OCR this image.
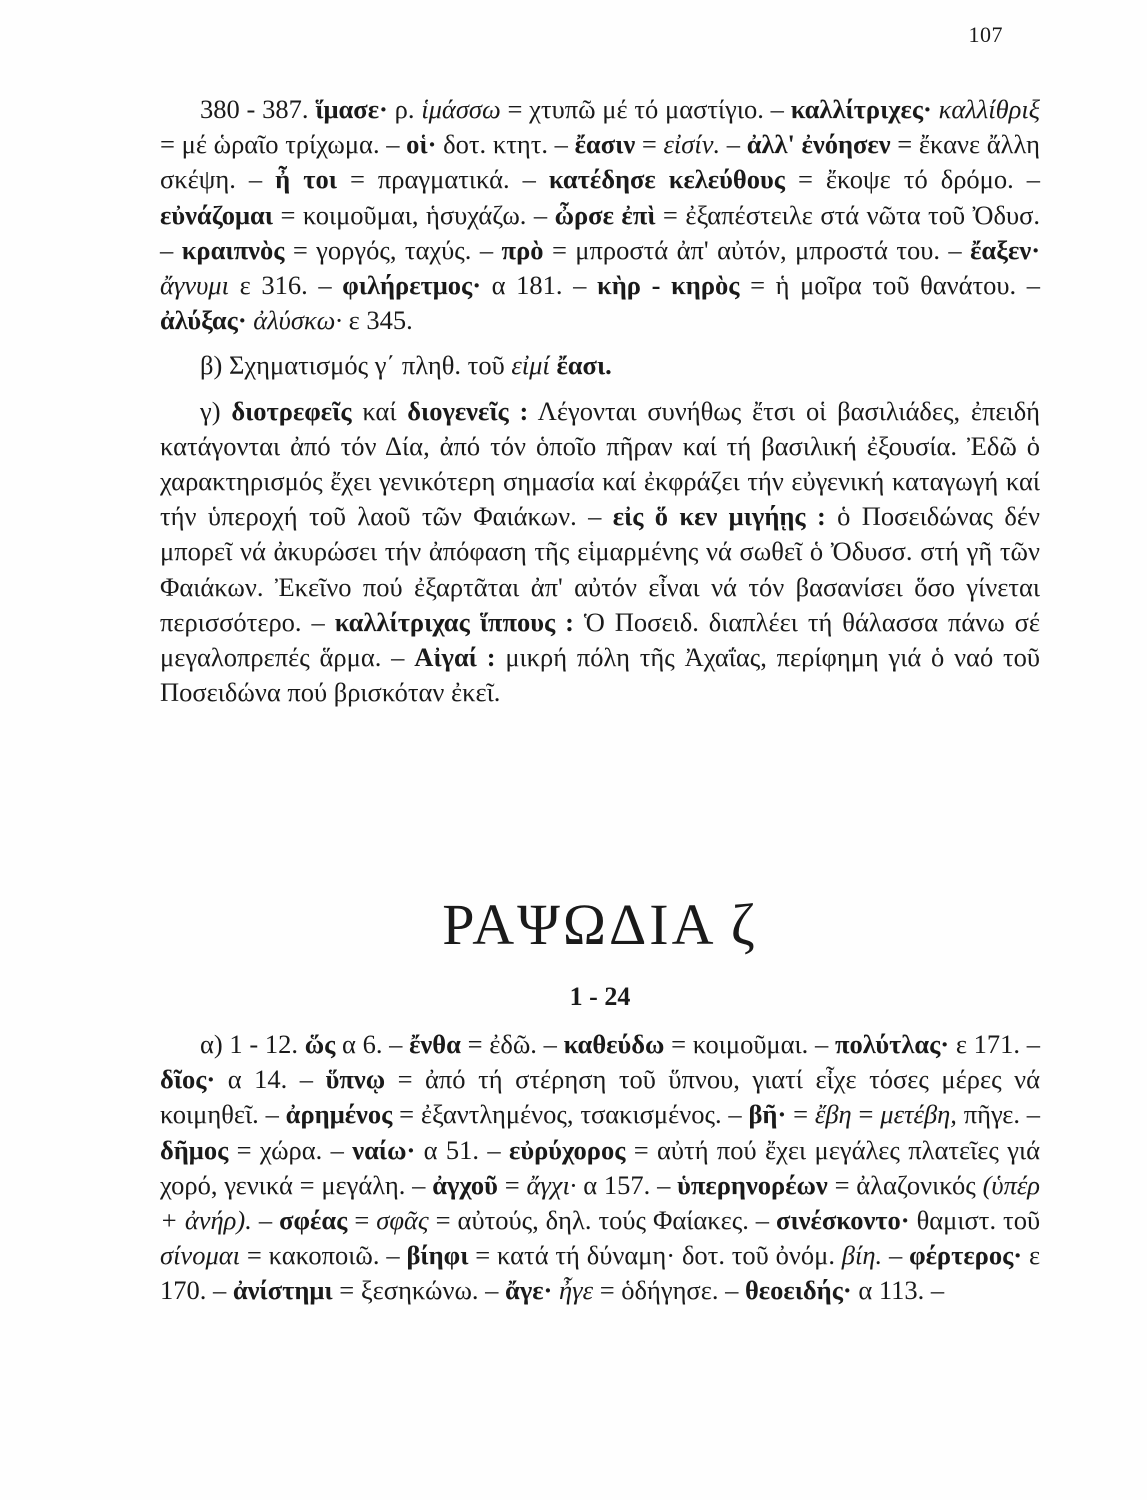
107

380 - 387. ἵμασε· ρ. ἱμάσσω = χτυπῶ μέ τό μαστίγιο. – καλλίτριχες· καλλίθριξ = μέ ὡραῖο τρίχωμα. – οἱ· δοτ. κτητ. – ἔασιν = εἰσίν. – ἀλλ' ἐνόησεν = ἔκανε ἄλλη σκέψη. – ἦ τοι = πραγματικά. – κατέδησε κελεύθους = ἔκοψε τό δρόμο. – εὐνάζομαι = κοιμοῦμαι, ἡσυχάζω. – ὦρσε ἐπὶ = ἐξαπέστειλε στά νῶτα τοῦ Ὀδυσ. – κραιπνὸς = γοργός, ταχύς. – πρὸ = μπροστά ἀπ' αὐτόν, μπροστά του. – ἔαξεν· ἄγνυμι ε 316. – φιλήρετμος· α 181. – κὴρ - κηρὸς = ἡ μοῖρα τοῦ θανάτου. – ἀλύξας· ἀλύσκω· ε 345.

β) Σχηματισμός γ΄ πληθ. τοῦ εἰμί ἔασι.

γ) διοτρεφεῖς καί διογενεῖς : Λέγονται συνήθως ἔτσι οἱ βασιλιάδες, ἐπειδή κατάγονται ἀπό τόν Δία, ἀπό τόν ὁποῖο πῆραν καί τή βασιλική ἐξουσία. Ἐδῶ ὁ χαρακτηρισμός ἔχει γενικότερη σημασία καί ἐκφράζει τήν εὐγενική καταγωγή καί τήν ὑπεροχή τοῦ λαοῦ τῶν Φαιάκων. – εἰς ὅ κεν μιγήῃς : ὁ Ποσειδώνας δέν μπορεῖ νά ἀκυρώσει τήν ἀπόφαση τῆς εἱμαρμένης νά σωθεῖ ὁ Ὀδυσσ. στή γῆ τῶν Φαιάκων. Ἐκεῖνο πού ἐξαρτᾶται ἀπ' αὐτόν εἶναι νά τόν βασανίσει ὅσο γίνεται περισσότερο. – καλλίτριχας ἵππους : Ὁ Ποσειδ. διαπλέει τή θάλασσα πάνω σέ μεγαλοπρεπές ἅρμα. – Αἰγαί : μικρή πόλη τῆς Ἀχαΐας, περίφημη γιά ὁ ναό τοῦ Ποσειδώνα πού βρισκόταν ἐκεῖ.

ΡΑΨΩΔΙΑ ζ
1 - 24

α) 1 - 12. ὥς α 6. – ἔνθα = ἐδῶ. – καθεύδω = κοιμοῦμαι. – πολύτλας· ε 171. – δῖος· α 14. – ὕπνῳ = ἀπό τή στέρηση τοῦ ὕπνου, γιατί εἶχε τόσες μέρες νά κοιμηθεῖ. – ἀρημένος = ἐξαντλημένος, τσακισμένος. – βῆ· = ἔβη = μετέβη, πῆγε. – δῆμος = χώρα. – ναίω· α 51. – εὐρύχορος = αὐτή πού ἔχει μεγάλες πλατεῖες γιά χορό, γενικά = μεγάλη. – ἀγχοῦ = ἄγχι· α 157. – ὑπερηνορέων = ἀλαζονικός (ὑπέρ + ἀνήρ). – σφέας = σφᾶς = αὐτούς, δηλ. τούς Φαίακες. – σινέσκοντο· θαμιστ. τοῦ σίνομαι = κακοποιῶ. – βίηφι = κατά τή δύναμη· δοτ. τοῦ ὀνόμ. βίη. – φέρτερος· ε 170. – ἀνίστημι = ξεσηκώνω. – ἄγε· ἦγε = ὁδήγησε. – θεοειδής· α 113. –
